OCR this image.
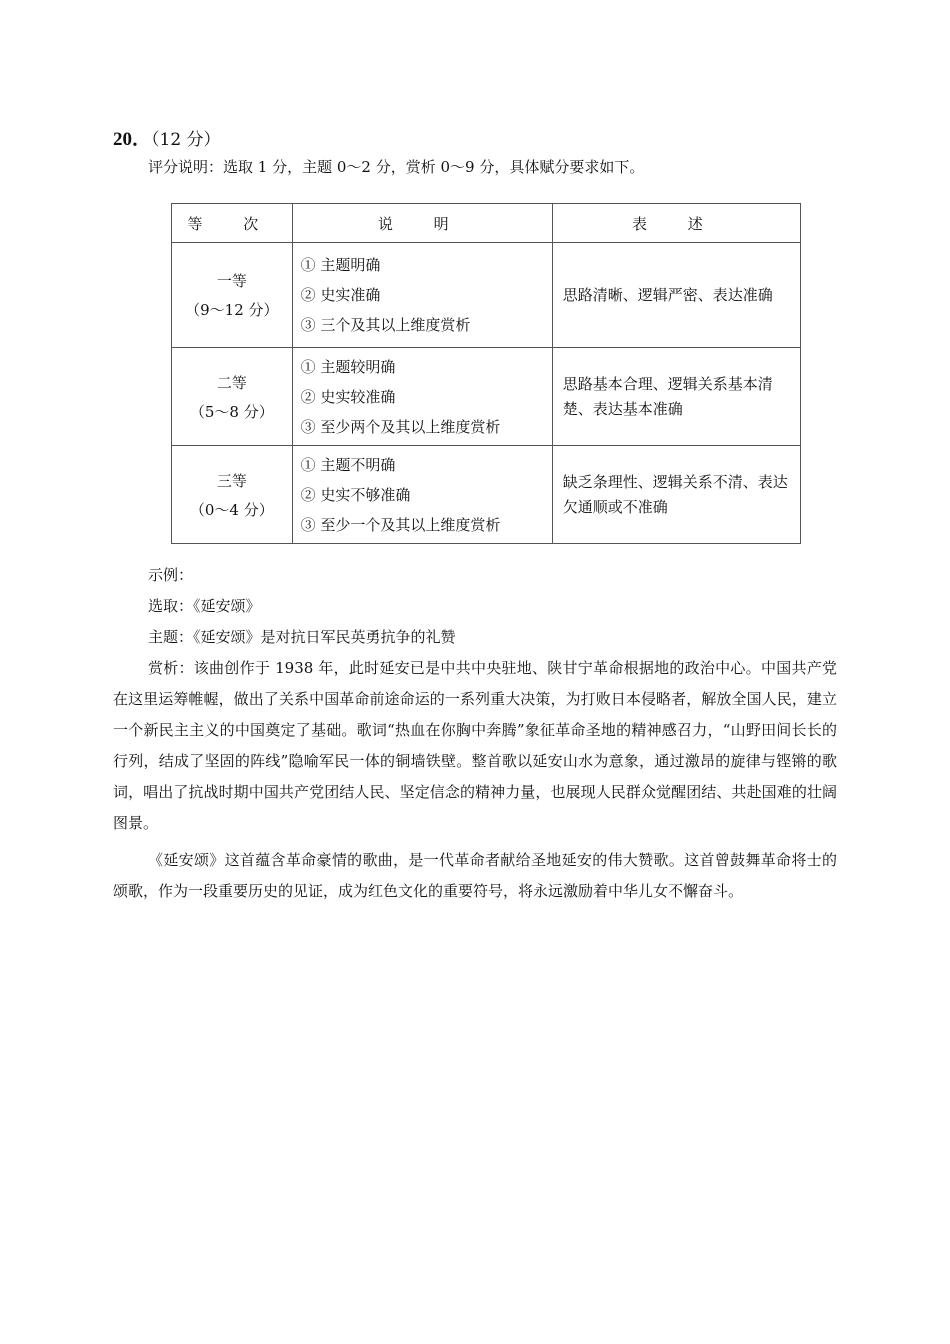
20．（12 分）
评分说明：选取 1 分，主题 0～2 分，赏析 0～9 分，具体赋分要求如下。
等 次	说 明	表 述

一等
（9～12 分）	① 主题明确
② 史实准确
③ 三个及其以上维度赏析	思路清晰、逻辑严密、表达准确

二等
（5～8 分）	① 主题较明确
② 史实较准确
③ 至少两个及其以上维度赏析	思路基本合理、逻辑关系基本清楚、表达基本准确

三等
（0～4 分）	① 主题不明确
② 史实不够准确
③ 至少一个及其以上维度赏析	缺乏条理性、逻辑关系不清、表达欠通顺或不准确
示例：
选取：《延安颂》
主题：《延安颂》是对抗日军民英勇抗争的礼赞
赏析：该曲创作于 1938 年，此时延安已是中共中央驻地、陕甘宁革命根据地的政治中心。中国共产党在这里运筹帷幄，做出了关系中国革命前途命运的一系列重大决策，为打败日本侵略者，解放全国人民，建立一个新民主主义的中国奠定了基础。歌词“热血在你胸中奔腾”象征革命圣地的精神感召力，“山野田间长长的行列，结成了坚固的阵线”隐喻军民一体的铜墙铁壁。整首歌以延安山水为意象，通过激昂的旋律与铿锵的歌词，唱出了抗战时期中国共产党团结人民、坚定信念的精神力量，也展现人民群众觉醒团结、共赴国难的壮阔图景。
《延安颂》这首蕴含革命豪情的歌曲，是一代革命者献给圣地延安的伟大赞歌。这首曾鼓舞革命将士的颂歌，作为一段重要历史的见证，成为红色文化的重要符号，将永远激励着中华儿女不懈奋斗。
